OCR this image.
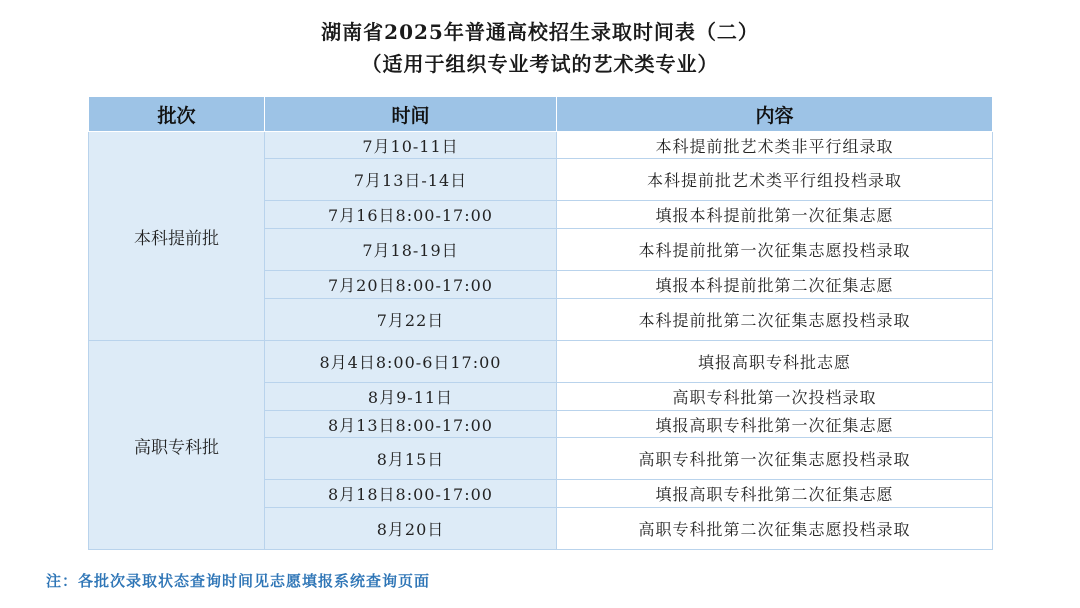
湖南省2025年普通高校招生录取时间表（二）
（适用于组织专业考试的艺术类专业）
批次	时间	内容
本科提前批	7月10-11日	本科提前批艺术类非平行组录取
	7月13日-14日	本科提前批艺术类平行组投档录取
	7月16日8:00-17:00	填报本科提前批第一次征集志愿
	7月18-19日	本科提前批第一次征集志愿投档录取
	7月20日8:00-17:00	填报本科提前批第二次征集志愿
	7月22日	本科提前批第二次征集志愿投档录取
高职专科批	8月4日8:00-6日17:00	填报高职专科批志愿
	8月9-11日	高职专科批第一次投档录取
	8月13日8:00-17:00	填报高职专科批第一次征集志愿
	8月15日	高职专科批第一次征集志愿投档录取
	8月18日8:00-17:00	填报高职专科批第二次征集志愿
	8月20日	高职专科批第二次征集志愿投档录取
注：各批次录取状态查询时间见志愿填报系统查询页面
